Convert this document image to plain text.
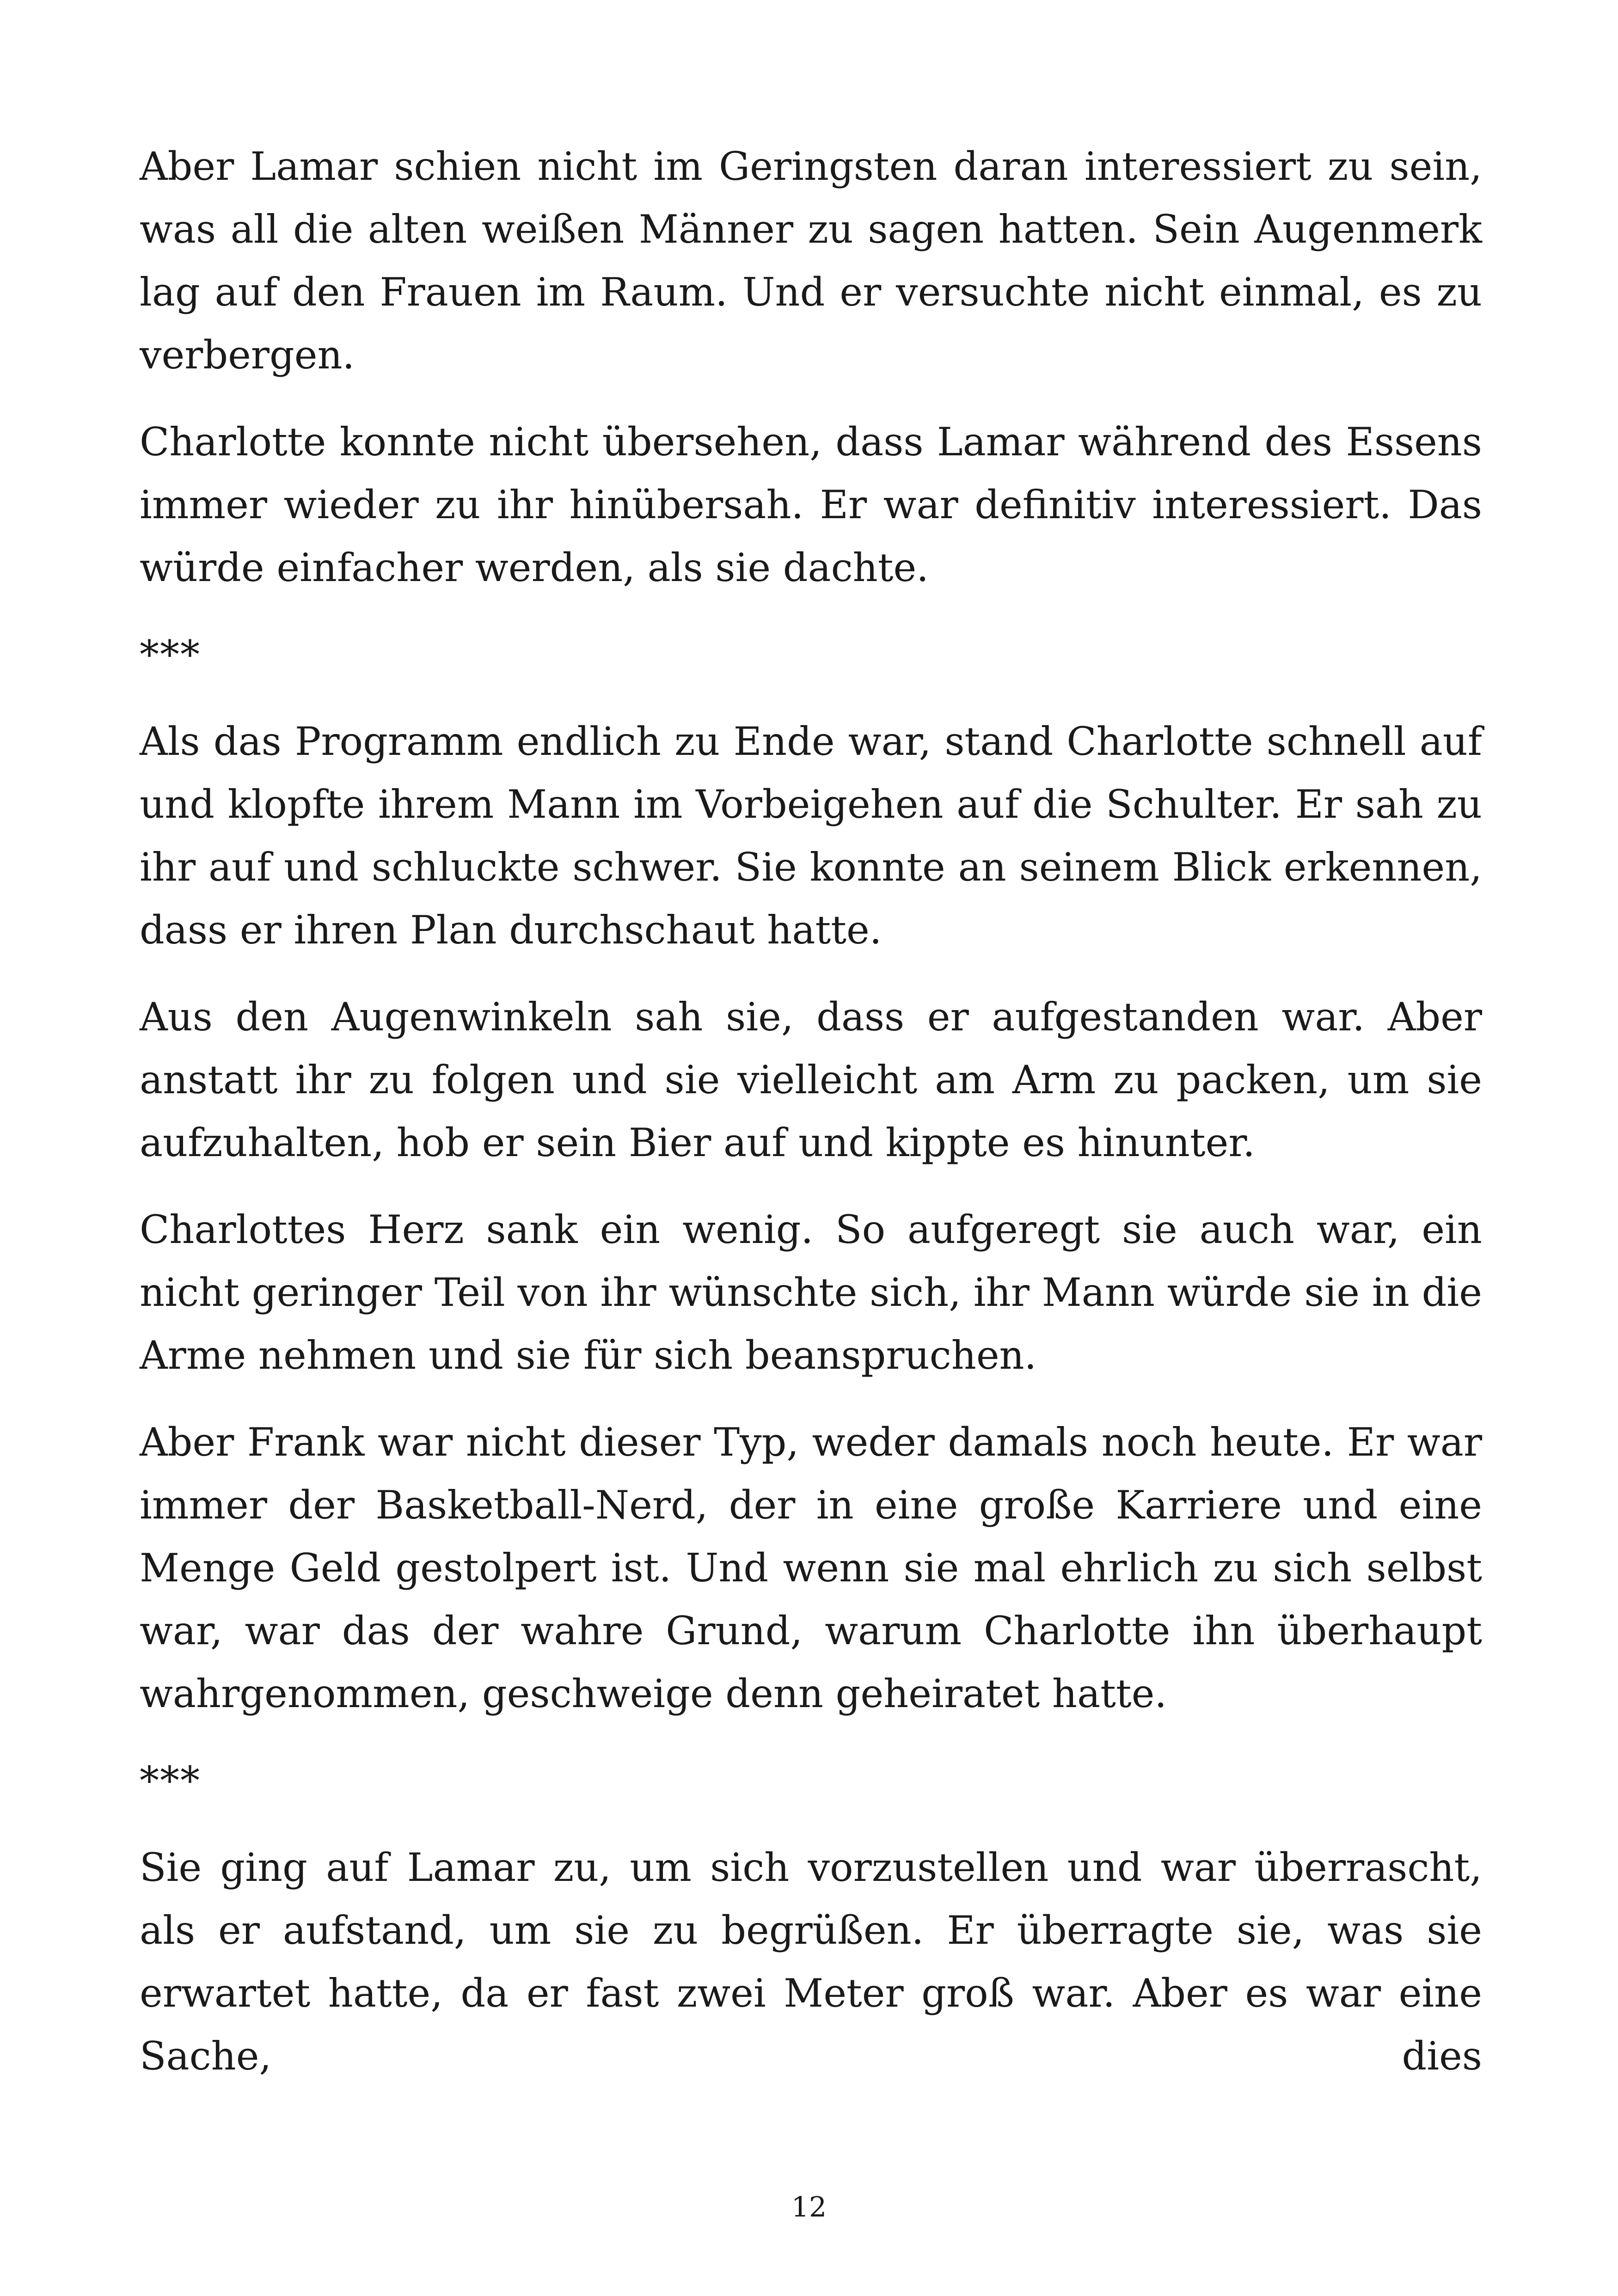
Aber Lamar schien nicht im Geringsten daran interessiert zu sein, was all die alten weißen Männer zu sagen hatten. Sein Augenmerk lag auf den Frauen im Raum. Und er versuchte nicht einmal, es zu verbergen.

Charlotte konnte nicht übersehen, dass Lamar während des Essens immer wieder zu ihr hinübersah. Er war definitiv interessiert. Das würde einfacher werden, als sie dachte.

***

Als das Programm endlich zu Ende war, stand Charlotte schnell auf und klopfte ihrem Mann im Vorbeigehen auf die Schulter. Er sah zu ihr auf und schluckte schwer. Sie konnte an seinem Blick erkennen, dass er ihren Plan durchschaut hatte.

Aus den Augenwinkeln sah sie, dass er aufgestanden war. Aber anstatt ihr zu folgen und sie vielleicht am Arm zu packen, um sie aufzuhalten, hob er sein Bier auf und kippte es hinunter.

Charlottes Herz sank ein wenig. So aufgeregt sie auch war, ein nicht geringer Teil von ihr wünschte sich, ihr Mann würde sie in die Arme nehmen und sie für sich beanspruchen.

Aber Frank war nicht dieser Typ, weder damals noch heute. Er war immer der Basketball-Nerd, der in eine große Karriere und eine Menge Geld gestolpert ist. Und wenn sie mal ehrlich zu sich selbst war, war das der wahre Grund, warum Charlotte ihn überhaupt wahrgenommen, geschweige denn geheiratet hatte.

***

Sie ging auf Lamar zu, um sich vorzustellen und war überrascht, als er aufstand, um sie zu begrüßen. Er überragte sie, was sie erwartet hatte, da er fast zwei Meter groß war. Aber es war eine Sache, dies

12
